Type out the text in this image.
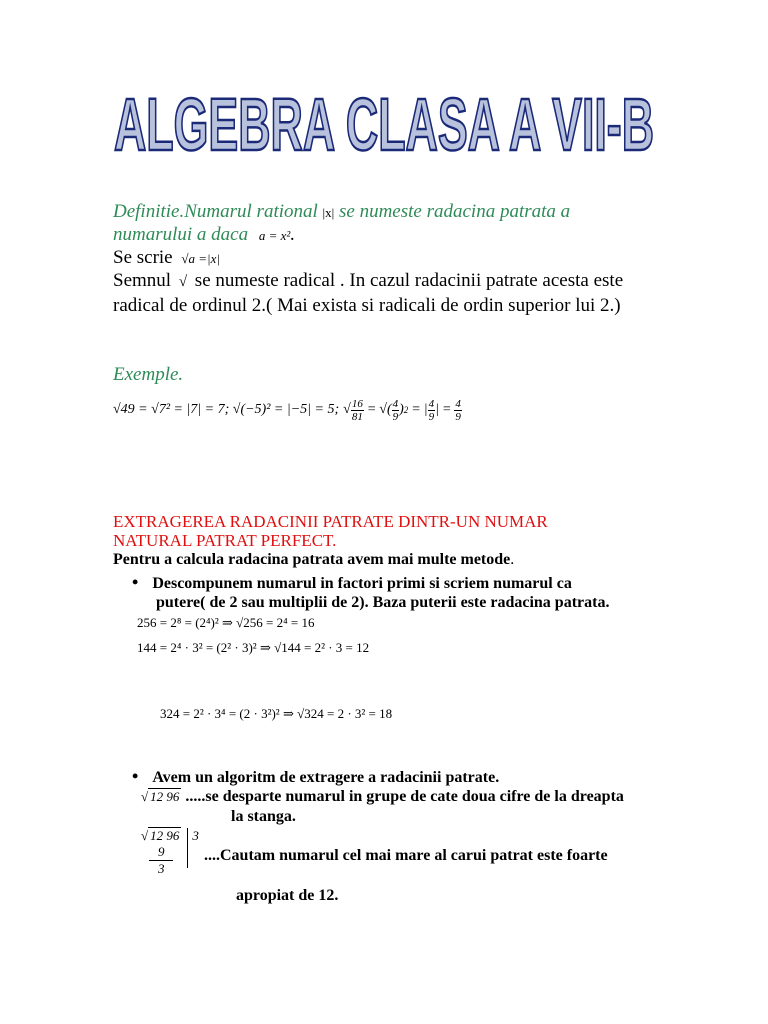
ALGEBRA CLASA A VII-B
Definitie.Numarul rational |x| se numeste radacina patrata a
numarului a daca a = x².
Se scrie √a =|x|
Semnul √ se numeste radical . In cazul radacinii patrate acesta este
radical de ordinul 2.( Mai exista si radicali de ordin superior lui 2.)
Exemple.
√49 = √7² = |7| = 7; √(−5)² = |−5| = 5; √ $\frac{16}{81}$ = √( $\frac{4}{9}$ ) 2 = | $\frac{4}{9}$ | = $\frac{4}{9}$
EXTRAGEREA RADACINII PATRATE DINTR-UN NUMAR
NATURAL PATRAT PERFECT.
Pentru a calcula radacina patrata avem mai multe metode.
• Descompunem numarul in factori primi si scriem numarul ca
putere( de 2 sau multiplii de 2). Baza puterii este radacina patrata.
256 = 2⁸ = (2⁴)² ⇒ √256 = 2⁴ = 16
144 = 2⁴ · 3² = (2² · 3)² ⇒ √144 = 2² · 3 = 12
324 = 2² · 3⁴ = (2 · 3²)² ⇒ √324 = 2 · 3² = 18
• Avem un algoritm de extragere a radacinii patrate.
√ 12 96 .....se desparte numarul in grupe de cate doua cifre de la dreapta
la stanga.
√ 12 96
9
3
3
....Cautam numarul cel mai mare al carui patrat este foarte
apropiat de 12.
